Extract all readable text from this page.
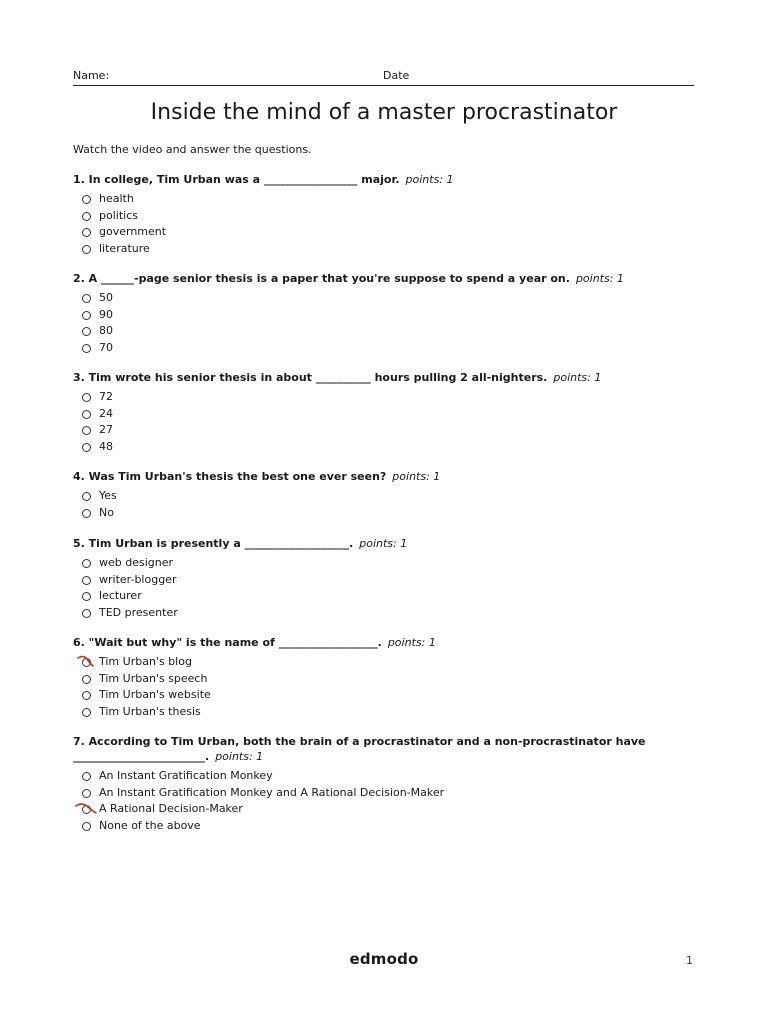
Name:	Date
Inside the mind of a master procrastinator
Watch the video and answer the questions.
1. In college, Tim Urban was a _________________ major. points: 1
health
politics
government
literature
2. A ______-page senior thesis is a paper that you're suppose to spend a year on. points: 1
50
90
80
70
3. Tim wrote his senior thesis in about __________ hours pulling 2 all-nighters. points: 1
72
24
27
48
4. Was Tim Urban's thesis the best one ever seen? points: 1
Yes
No
5. Tim Urban is presently a ___________________. points: 1
web designer
writer-blogger
lecturer
TED presenter
6. "Wait but why" is the name of __________________. points: 1
Tim Urban's blog
Tim Urban's speech
Tim Urban's website
Tim Urban's thesis
7. According to Tim Urban, both the brain of a procrastinator and a non-procrastinator have ________________________. points: 1
An Instant Gratification Monkey
An Instant Gratification Monkey and A Rational Decision-Maker
A Rational Decision-Maker
None of the above
edmodo	1
